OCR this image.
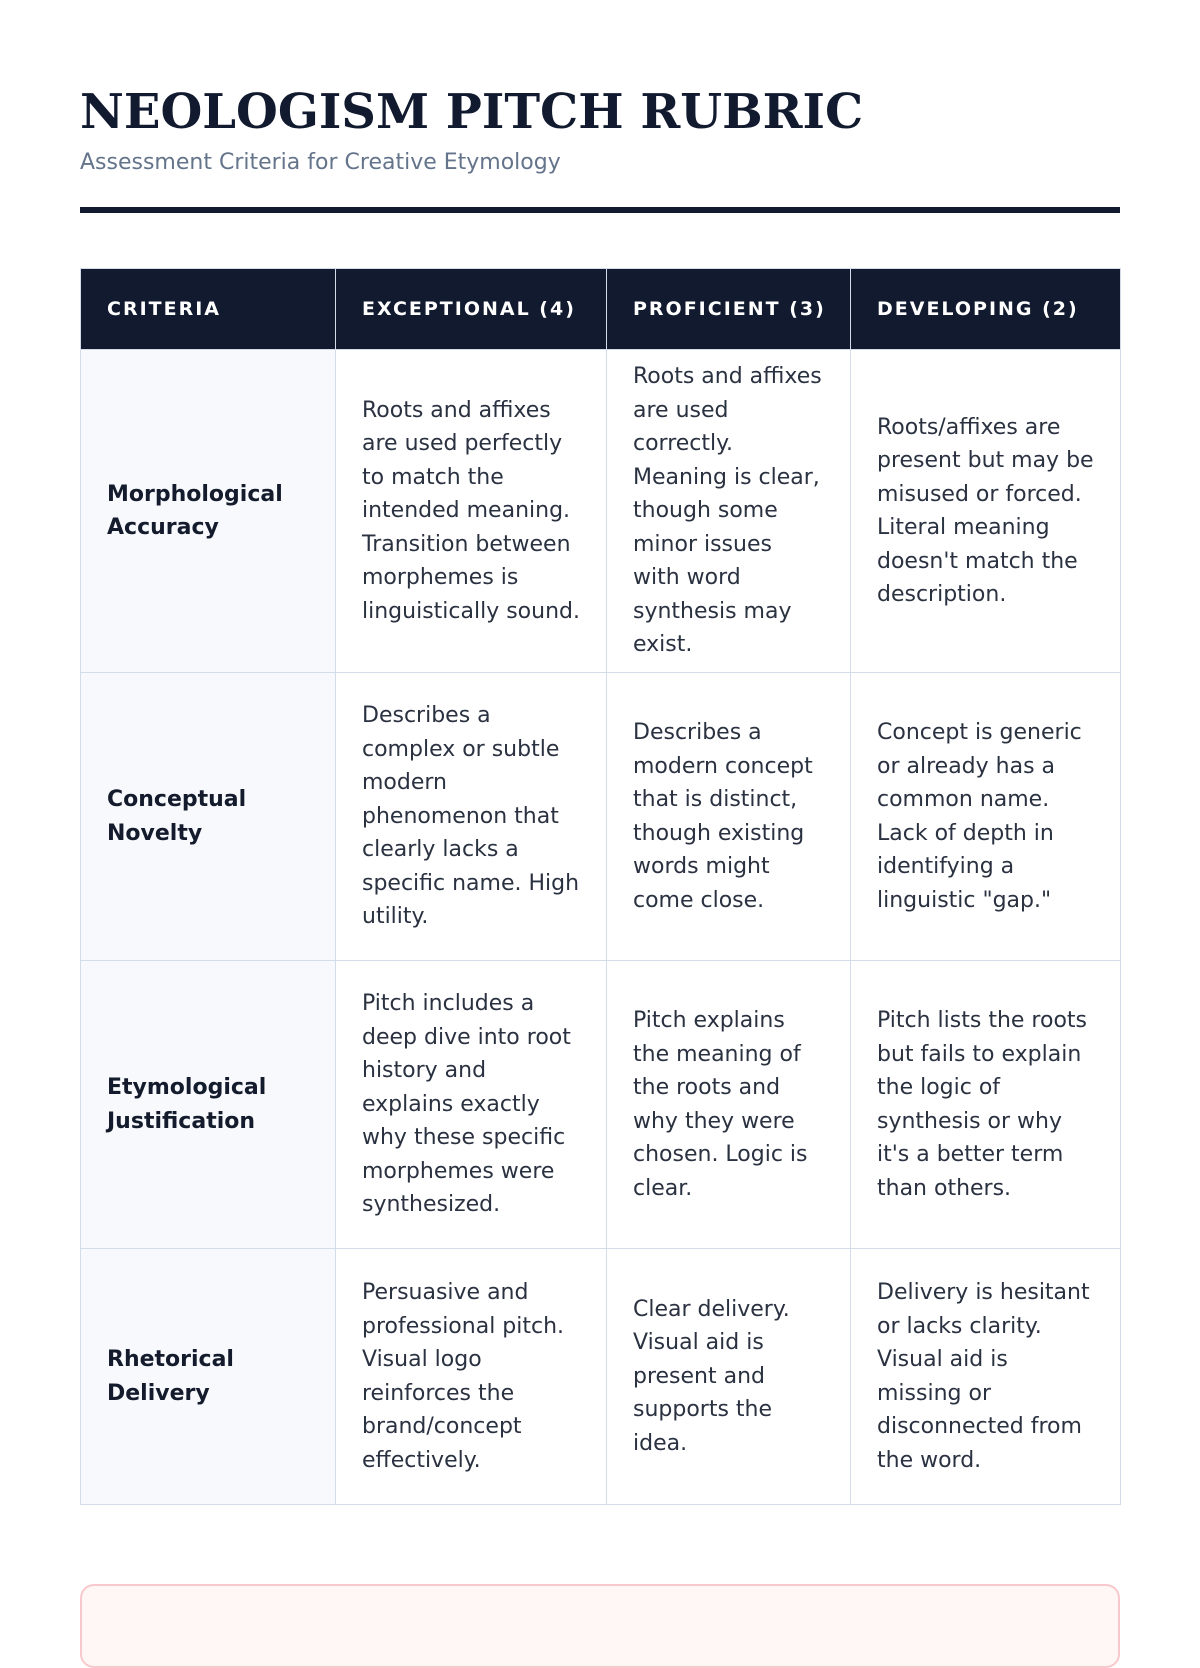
NEOLOGISM PITCH RUBRIC
Assessment Criteria for Creative Etymology
CRITERIA	EXCEPTIONAL (4)	PROFICIENT (3)	DEVELOPING (2)
Morphological Accuracy	Roots and affixes are used perfectly to match the intended meaning. Transition between morphemes is linguistically sound.	Roots and affixes are used correctly. Meaning is clear, though some minor issues with word synthesis may exist.	Roots/affixes are present but may be misused or forced. Literal meaning doesn't match the description.
Conceptual Novelty	Describes a complex or subtle modern phenomenon that clearly lacks a specific name. High utility.	Describes a modern concept that is distinct, though existing words might come close.	Concept is generic or already has a common name. Lack of depth in identifying a linguistic "gap."
Etymological Justification	Pitch includes a deep dive into root history and explains exactly why these specific morphemes were synthesized.	Pitch explains the meaning of the roots and why they were chosen. Logic is clear.	Pitch lists the roots but fails to explain the logic of synthesis or why it's a better term than others.
Rhetorical Delivery	Persuasive and professional pitch. Visual logo reinforces the brand/concept effectively.	Clear delivery. Visual aid is present and supports the idea.	Delivery is hesitant or lacks clarity. Visual aid is missing or disconnected from the word.
